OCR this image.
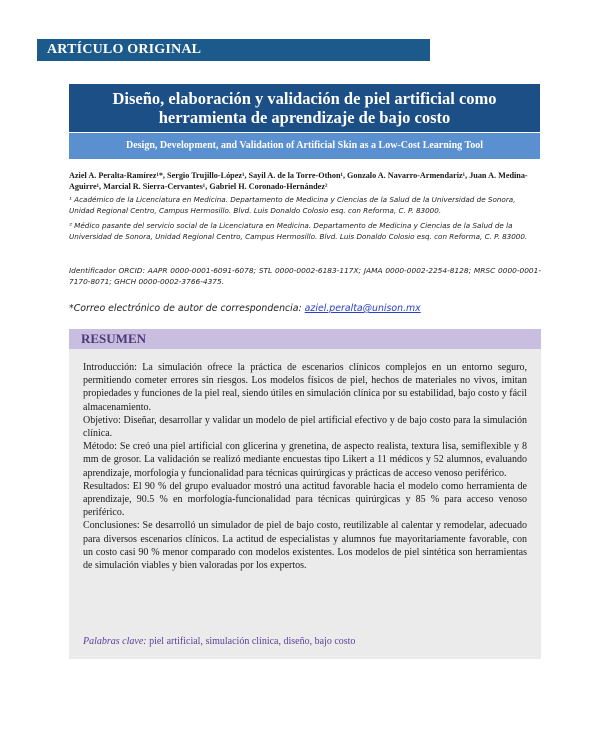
ARTÍCULO ORIGINAL
Diseño, elaboración y validación de piel artificial como herramienta de aprendizaje de bajo costo
Design, Development, and Validation of Artificial Skin as a Low-Cost Learning Tool
Aziel A. Peralta-Ramírez¹*, Sergio Trujillo-López¹, Sayil A. de la Torre-Othon¹, Gonzalo A. Navarro-Armendariz¹, Juan A. Medina-Aguirre¹, Marcial R. Sierra-Cervantes¹, Gabriel H. Coronado-Hernández²
¹ Académico de la Licenciatura en Medicina. Departamento de Medicina y Ciencias de la Salud de la Universidad de Sonora, Unidad Regional Centro, Campus Hermosillo. Blvd. Luis Donaldo Colosio esq. con Reforma, C. P. 83000.
² Médico pasante del servicio social de la Licenciatura en Medicina. Departamento de Medicina y Ciencias de la Salud de la Universidad de Sonora, Unidad Regional Centro, Campus Hermosillo. Blvd. Luis Donaldo Colosio esq. con Reforma, C. P. 83000.
Identificador ORCID: AAPR 0000-0001-6091-6078; STL 0000-0002-6183-117X; JAMA 0000-0002-2254-8128; MRSC 0000-0001-7170-8071; GHCH 0000-0002-3766-4375.
*Correo electrónico de autor de correspondencia: aziel.peralta@unison.mx
RESUMEN

Introducción: La simulación ofrece la práctica de escenarios clínicos complejos en un entorno seguro, permitiendo cometer errores sin riesgos. Los modelos físicos de piel, hechos de materiales no vivos, imitan propiedades y funciones de la piel real, siendo útiles en simulación clínica por su estabilidad, bajo costo y fácil almacenamiento.

Objetivo: Diseñar, desarrollar y validar un modelo de piel artificial efectivo y de bajo costo para la simulación clínica.

Método: Se creó una piel artificial con glicerina y grenetina, de aspecto realista, textura lisa, semiflexible y 8 mm de grosor. La validación se realizó mediante encuestas tipo Likert a 11 médicos y 52 alumnos, evaluando aprendizaje, morfología y funcionalidad para técnicas quirúrgicas y prácticas de acceso venoso periférico.

Resultados: El 90 % del grupo evaluador mostró una actitud favorable hacia el modelo como herramienta de aprendizaje, 90.5 % en morfología-funcionalidad para técnicas quirúrgicas y 85 % para acceso venoso periférico.

Conclusiones: Se desarrolló un simulador de piel de bajo costo, reutilizable al calentar y remodelar, adecuado para diversos escenarios clínicos. La actitud de especialistas y alumnos fue mayoritariamente favorable, con un costo casi 90 % menor comparado con modelos existentes. Los modelos de piel sintética son herramientas de simulación viables y bien valoradas por los expertos.

Palabras clave: piel artificial, simulación clínica, diseño, bajo costo
